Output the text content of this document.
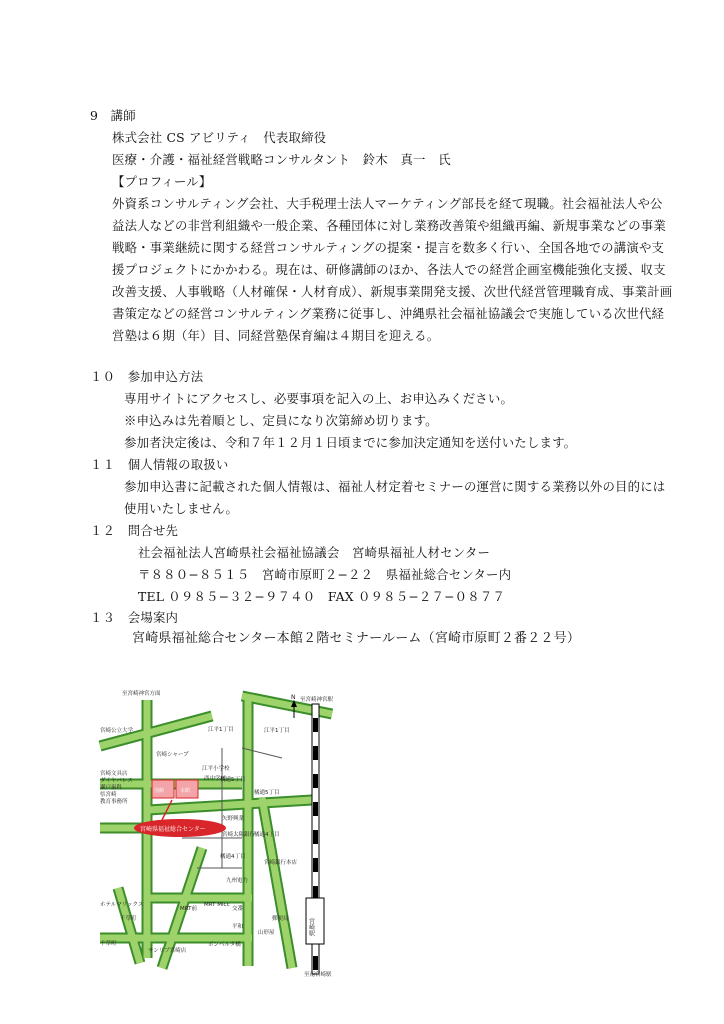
9　講師
株式会社 CS アビリティ　代表取締役
医療・介護・福祉経営戦略コンサルタント　鈴木　真一　氏
【プロフィール】
外資系コンサルティング会社、大手税理士法人マーケティング部長を経て現職。社会福祉法人や公
益法人などの非営利組織や一般企業、各種団体に対し業務改善策や組織再編、新規事業などの事業
戦略・事業継続に関する経営コンサルティングの提案・提言を数多く行い、全国各地での講演や支
援プロジェクトにかかわる。現在は、研修講師のほか、各法人での経営企画室機能強化支援、収支
改善支援、人事戦略（人材確保・人材育成）、新規事業開発支援、次世代経営管理職育成、事業計画
書策定などの経営コンサルティング業務に従事し、沖縄県社会福祉協議会で実施している次世代経
営塾は６期（年）目、同経営塾保育編は４期目を迎える。
１０　参加申込方法
専用サイトにアクセスし、必要事項を記入の上、お申込みください。
※申込みは先着順とし、定員になり次第締め切ります。
参加者決定後は、令和７年１２月１日頃までに参加決定通知を送付いたします。
１１　個人情報の取扱い
参加申込書に記載された個人情報は、福祉人材定着セミナーの運営に関する業務以外の目的には
使用いたしません。
１２　問合せ先
社会福祉法人宮崎県社会福祉協議会　宮崎県福祉人材センター
〒８８０−８５１５　宮崎市原町２−２２　県福祉総合センター内
TEL ０９８５−３２−９７４０　FAX ０９８５−２７−０８７７
１３　会場案内
宮崎県福祉総合センター本館２階セミナールーム（宮崎市原町２番２２号）
至宮崎神宮方面	N 至宮崎神宮駅
宮崎公立大学
宮崎シャープ
江平小学校
江平1丁目	江平1丁目
宮崎文具店
ダイヤパレス
瀬戸歯科
県宮崎
教育事務所
別館	本館
宮崎県福祉総合センター
西中学校
橘通5丁目
橘通5丁目
矢野興業
宮崎太陽銀行
橘通4丁目
橘通4丁目
宮崎銀行本店
九州電力
ホテルマリックス
千草町
MRT前
MRT Micc
交番
平和
山形屋
郵便局
千草町
サンリブ宮崎店
ボンベルタ橘
至南宮崎駅
宮崎駅
